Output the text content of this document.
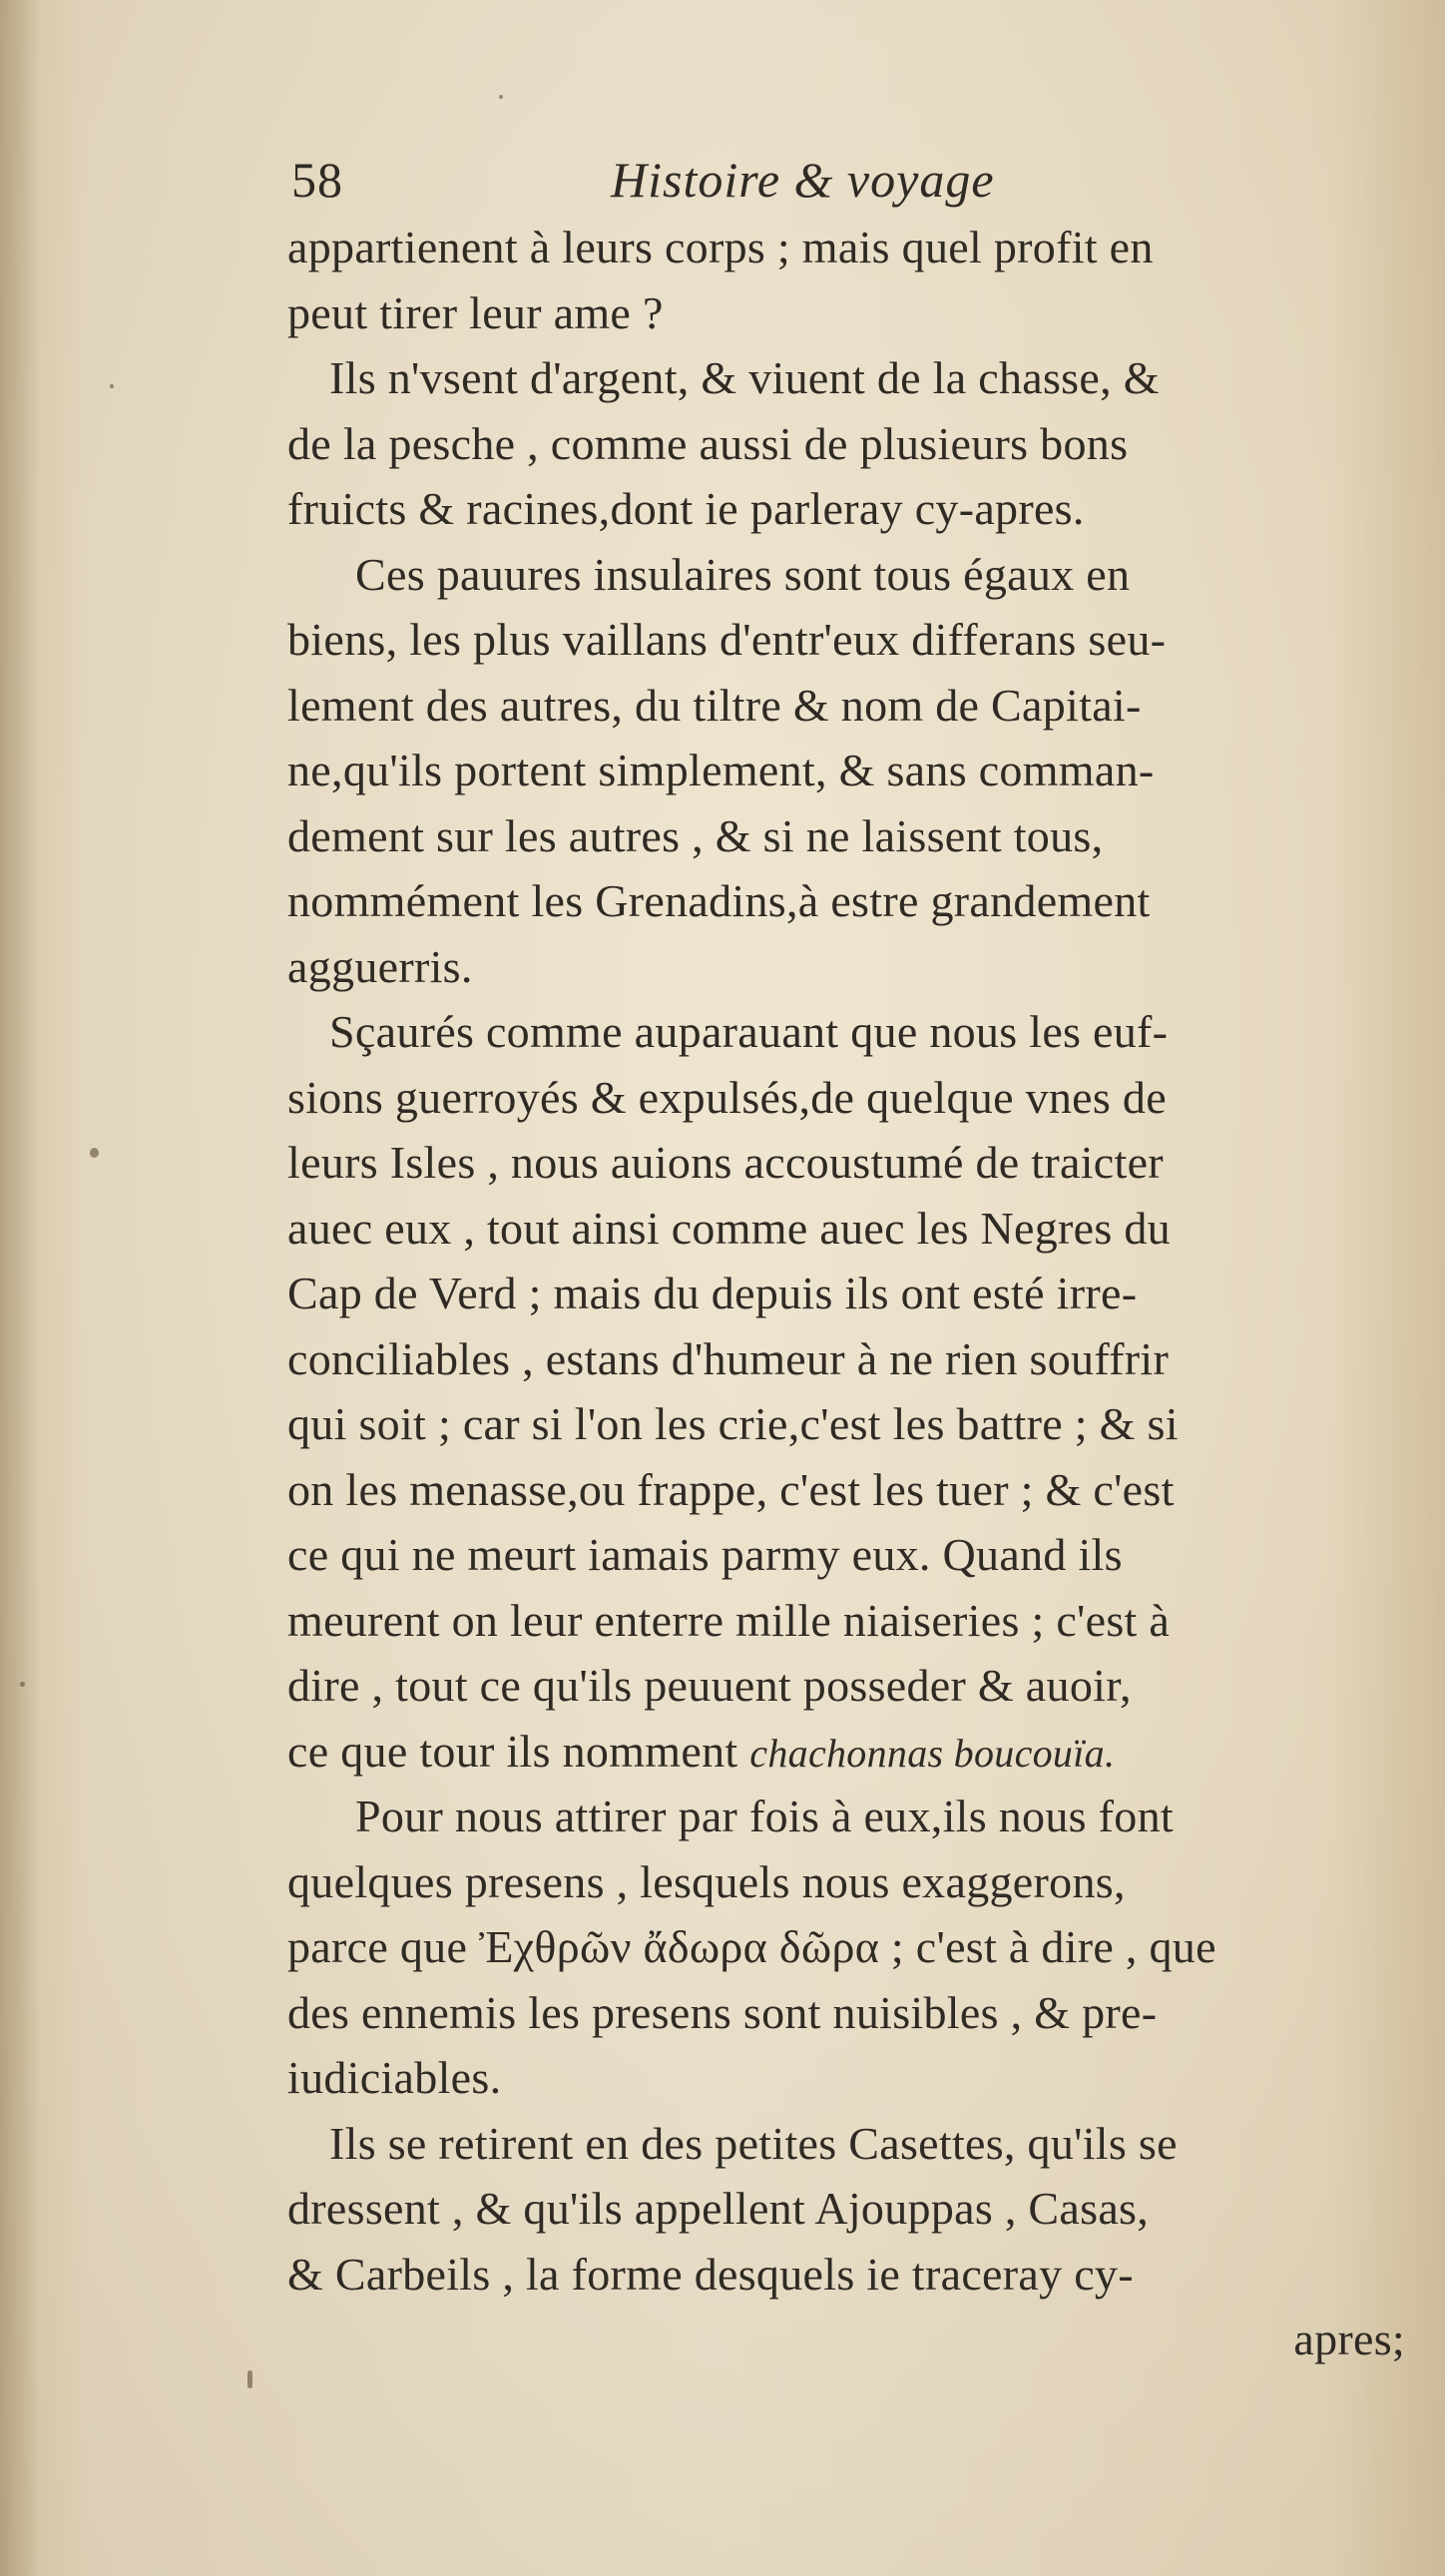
58	Histoire & voyage
appartienent à leurs corps ; mais quel profit en
peut tirer leur ame ?
Ils n'vsent d'argent, & viuent de la chasse, &
de la pesche , comme aussi de plusieurs bons
fruicts & racines,dont ie parleray cy-apres.
Ces pauures insulaires sont tous égaux en
biens, les plus vaillans d'entr'eux differans seu-
lement des autres, du tiltre & nom de Capitai-
ne,qu'ils portent simplement, & sans comman-
dement sur les autres , & si ne laissent tous,
nommément les Grenadins,à estre grandement
agguerris.
Sçaurés comme auparauant que nous les euf-
sions guerroyés & expulsés,de quelque vnes de
leurs Isles , nous auions accoustumé de traicter
auec eux , tout ainsi comme auec les Negres du
Cap de Verd ; mais du depuis ils ont esté irre-
conciliables , estans d'humeur à ne rien souffrir
qui soit ; car si l'on les crie,c'est les battre ; & si
on les menasse,ou frappe, c'est les tuer ; & c'est
ce qui ne meurt iamais parmy eux. Quand ils
meurent on leur enterre mille niaiseries ; c'est à
dire , tout ce qu'ils peuuent posseder & auoir,
ce que tour ils nomment chachonnas boucouïa.
Pour nous attirer par fois à eux,ils nous font
quelques presens , lesquels nous exaggerons,
parce que Ἐχθρῶν ἄδωρα δῶρα ; c'est à dire , que
des ennemis les presens sont nuisibles , & pre-
iudiciables.
Ils se retirent en des petites Casettes, qu'ils se
dressent , & qu'ils appellent Ajouppas , Casas,
& Carbeils , la forme desquels ie traceray cy-
apres;
